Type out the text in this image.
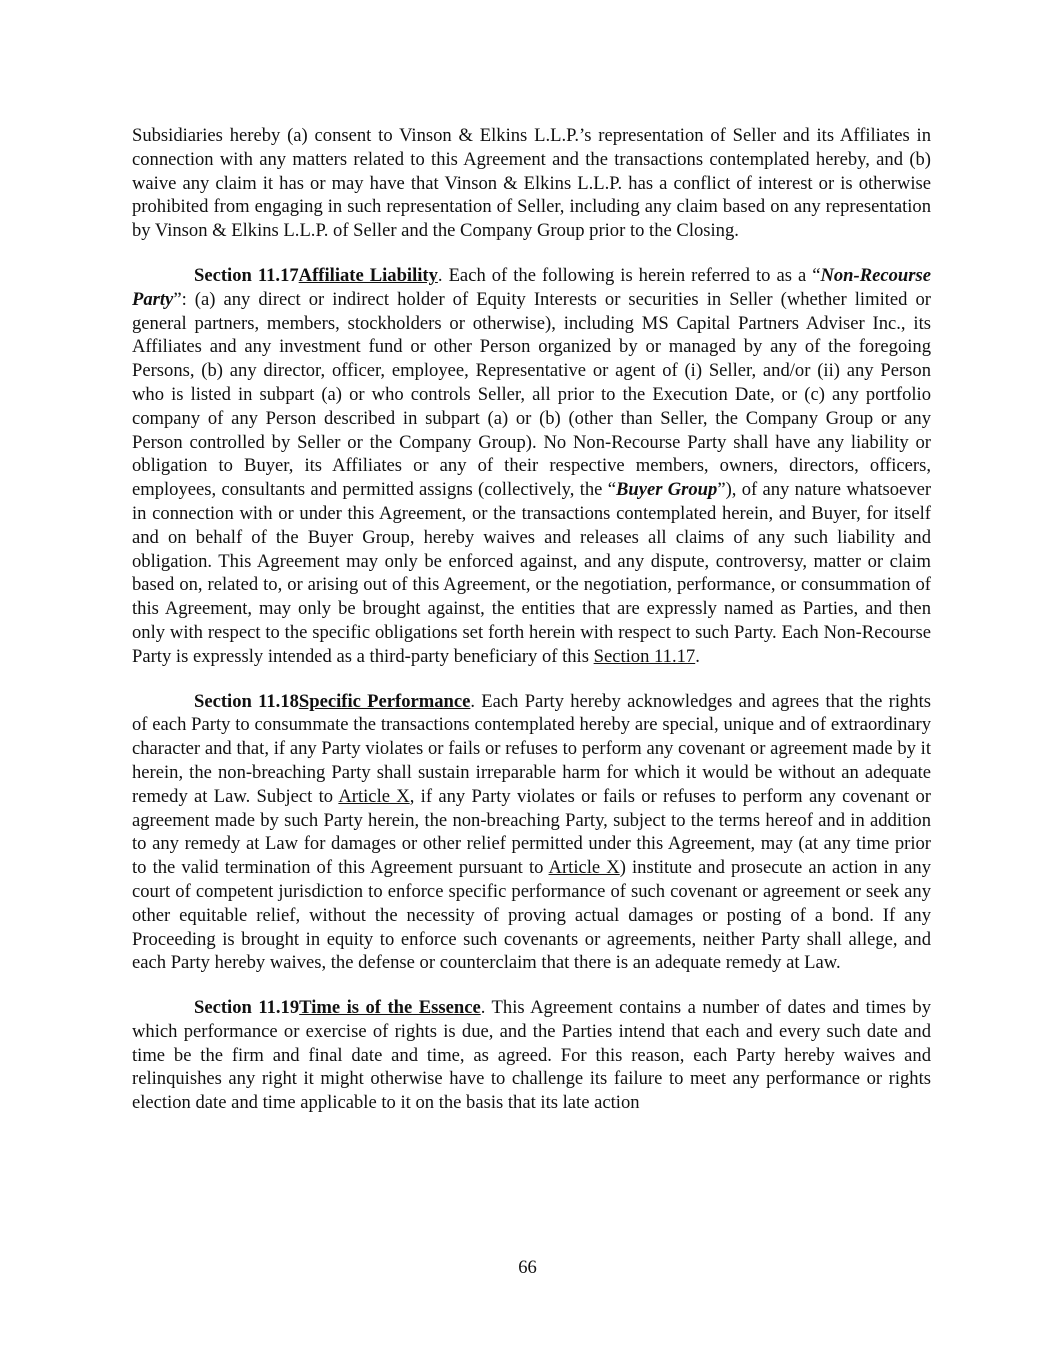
Subsidiaries hereby (a) consent to Vinson & Elkins L.L.P.’s representation of Seller and its Affiliates in connection with any matters related to this Agreement and the transactions contemplated hereby, and (b) waive any claim it has or may have that Vinson & Elkins L.L.P. has a conflict of interest or is otherwise prohibited from engaging in such representation of Seller, including any claim based on any representation by Vinson & Elkins L.L.P. of Seller and the Company Group prior to the Closing.

Section 11.17Affiliate Liability. Each of the following is herein referred to as a “Non-Recourse Party”: (a) any direct or indirect holder of Equity Interests or securities in Seller (whether limited or general partners, members, stockholders or otherwise), including MS Capital Partners Adviser Inc., its Affiliates and any investment fund or other Person organized by or managed by any of the foregoing Persons, (b) any director, officer, employee, Representative or agent of (i) Seller, and/or (ii) any Person who is listed in subpart (a) or who controls Seller, all prior to the Execution Date, or (c) any portfolio company of any Person described in subpart (a) or (b) (other than Seller, the Company Group or any Person controlled by Seller or the Company Group). No Non-Recourse Party shall have any liability or obligation to Buyer, its Affiliates or any of their respective members, owners, directors, officers, employees, consultants and permitted assigns (collectively, the “Buyer Group”), of any nature whatsoever in connection with or under this Agreement, or the transactions contemplated herein, and Buyer, for itself and on behalf of the Buyer Group, hereby waives and releases all claims of any such liability and obligation. This Agreement may only be enforced against, and any dispute, controversy, matter or claim based on, related to, or arising out of this Agreement, or the negotiation, performance, or consummation of this Agreement, may only be brought against, the entities that are expressly named as Parties, and then only with respect to the specific obligations set forth herein with respect to such Party. Each Non-Recourse Party is expressly intended as a third-party beneficiary of this Section 11.17.

Section 11.18Specific Performance. Each Party hereby acknowledges and agrees that the rights of each Party to consummate the transactions contemplated hereby are special, unique and of extraordinary character and that, if any Party violates or fails or refuses to perform any covenant or agreement made by it herein, the non-breaching Party shall sustain irreparable harm for which it would be without an adequate remedy at Law. Subject to Article X, if any Party violates or fails or refuses to perform any covenant or agreement made by such Party herein, the non-breaching Party, subject to the terms hereof and in addition to any remedy at Law for damages or other relief permitted under this Agreement, may (at any time prior to the valid termination of this Agreement pursuant to Article X) institute and prosecute an action in any court of competent jurisdiction to enforce specific performance of such covenant or agreement or seek any other equitable relief, without the necessity of proving actual damages or posting of a bond. If any Proceeding is brought in equity to enforce such covenants or agreements, neither Party shall allege, and each Party hereby waives, the defense or counterclaim that there is an adequate remedy at Law.

Section 11.19Time is of the Essence. This Agreement contains a number of dates and times by which performance or exercise of rights is due, and the Parties intend that each and every such date and time be the firm and final date and time, as agreed. For this reason, each Party hereby waives and relinquishes any right it might otherwise have to challenge its failure to meet any performance or rights election date and time applicable to it on the basis that its late action

66
